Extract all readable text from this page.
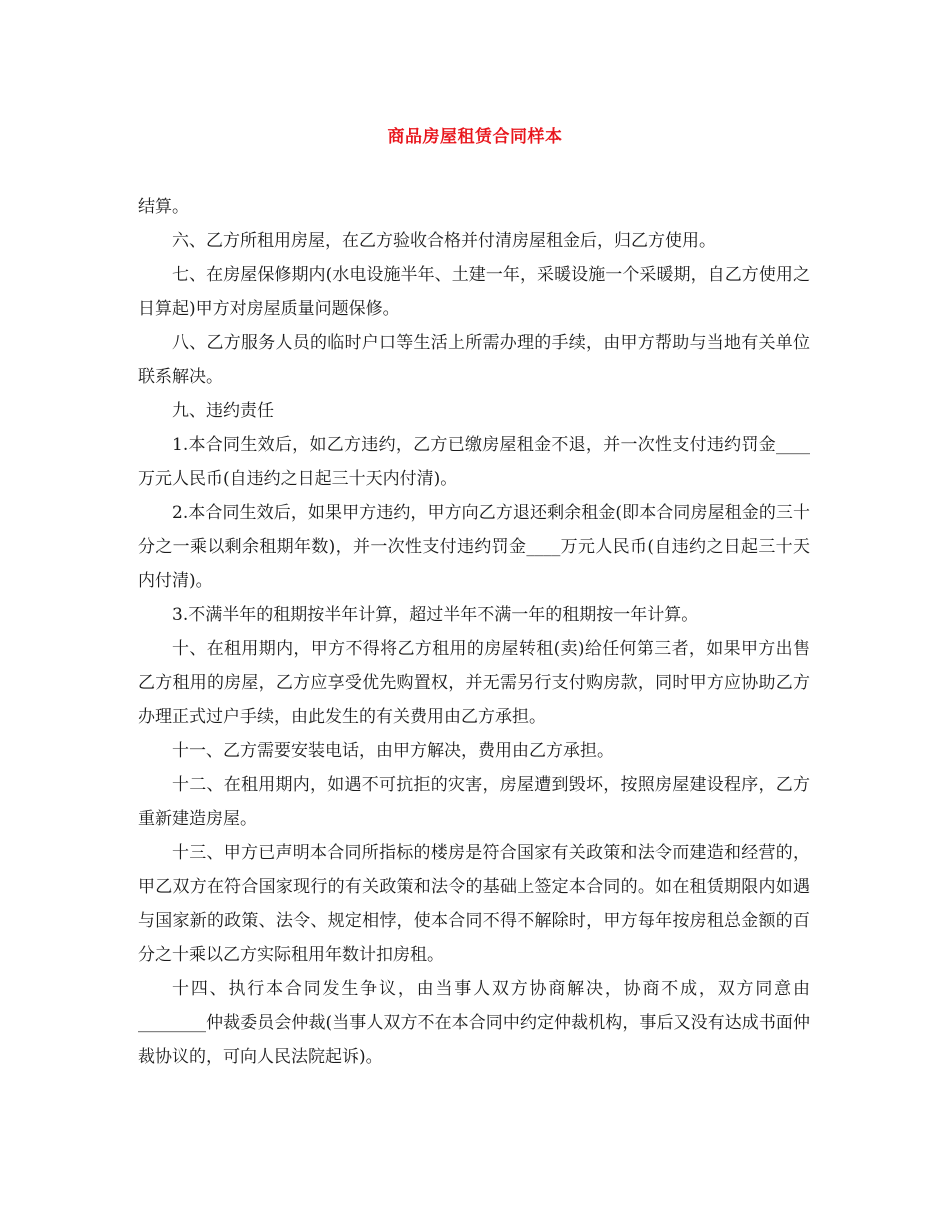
商品房屋租赁合同样本

结算。

六、乙方所租用房屋，在乙方验收合格并付清房屋租金后，归乙方使用。

七、在房屋保修期内(水电设施半年、土建一年，采暖设施一个采暖期，自乙方使用之日算起)甲方对房屋质量问题保修。

八、乙方服务人员的临时户口等生活上所需办理的手续，由甲方帮助与当地有关单位联系解决。

九、违约责任

1.本合同生效后，如乙方违约，乙方已缴房屋租金不退，并一次性支付违约罚金____万元人民币(自违约之日起三十天内付清)。

2.本合同生效后，如果甲方违约，甲方向乙方退还剩余租金(即本合同房屋租金的三十分之一乘以剩余租期年数)，并一次性支付违约罚金____万元人民币(自违约之日起三十天内付清)。

3.不满半年的租期按半年计算，超过半年不满一年的租期按一年计算。

十、在租用期内，甲方不得将乙方租用的房屋转租(卖)给任何第三者，如果甲方出售乙方租用的房屋，乙方应享受优先购置权，并无需另行支付购房款，同时甲方应协助乙方办理正式过户手续，由此发生的有关费用由乙方承担。

十一、乙方需要安装电话，由甲方解决，费用由乙方承担。

十二、在租用期内，如遇不可抗拒的灾害，房屋遭到毁坏，按照房屋建设程序，乙方重新建造房屋。

十三、甲方已声明本合同所指标的楼房是符合国家有关政策和法令而建造和经营的，甲乙双方在符合国家现行的有关政策和法令的基础上签定本合同的。如在租赁期限内如遇与国家新的政策、法令、规定相悖，使本合同不得不解除时，甲方每年按房租总金额的百分之十乘以乙方实际租用年数计扣房租。

十四、执行本合同发生争议，由当事人双方协商解决，协商不成，双方同意由________仲裁委员会仲裁(当事人双方不在本合同中约定仲裁机构，事后又没有达成书面仲裁协议的，可向人民法院起诉)。
